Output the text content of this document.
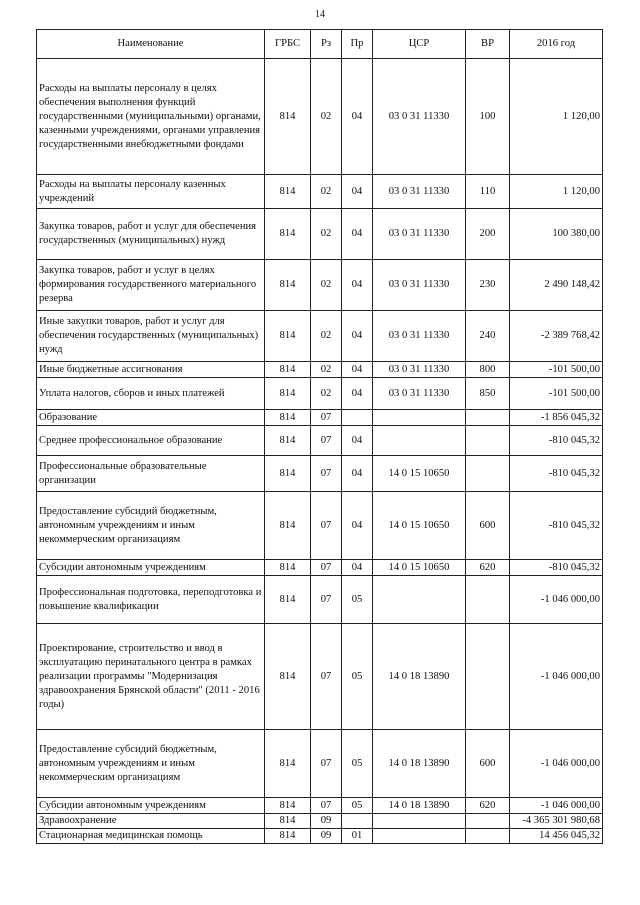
14
Наименование	ГРБС	Рз	Пр	ЦСР	ВР	2016 год
Расходы на выплаты персоналу в целях обеспечения выполнения функций государственными (муниципальными) органами, казенными учреждениями, органами управления государственными внебюджетными фондами	814	02	04	03 0 31 11330	100	1 120,00
Расходы на выплаты персоналу казенных учреждений	814	02	04	03 0 31 11330	110	1 120,00
Закупка товаров, работ и услуг для обеспечения государственных (муниципальных) нужд	814	02	04	03 0 31 11330	200	100 380,00
Закупка товаров, работ и услуг в целях формирования государственного материального резерва	814	02	04	03 0 31 11330	230	2 490 148,42
Иные закупки товаров, работ и услуг для обеспечения государственных (муниципальных) нужд	814	02	04	03 0 31 11330	240	-2 389 768,42
Иные бюджетные ассигнования	814	02	04	03 0 31 11330	800	-101 500,00
Уплата налогов, сборов и иных платежей	814	02	04	03 0 31 11330	850	-101 500,00
Образование	814	07				-1 856 045,32
Среднее профессиональное образование	814	07	04			-810 045,32
Профессиональные образовательные организации	814	07	04	14 0 15 10650		-810 045,32
Предоставление субсидий бюджетным, автономным учреждениям и иным некоммерческим организациям	814	07	04	14 0 15 10650	600	-810 045,32
Субсидии автономным учреждениям	814	07	04	14 0 15 10650	620	-810 045,32
Профессиональная подготовка, переподготовка и повышение квалификации	814	07	05			-1 046 000,00
Проектирование, строительство и ввод в эксплуатацию перинатального центра в рамках реализации программы "Модернизация здравоохранения Брянской области" (2011 - 2016 годы)	814	07	05	14 0 18 13890		-1 046 000,00
Предоставление субсидий бюджетным, автономным учреждениям и иным некоммерческим организациям	814	07	05	14 0 18 13890	600	-1 046 000,00
Субсидии автономным учреждениям	814	07	05	14 0 18 13890	620	-1 046 000,00
Здравоохранение	814	09				-4 365 301 980,68
Стационарная медицинская помощь	814	09	01			14 456 045,32
